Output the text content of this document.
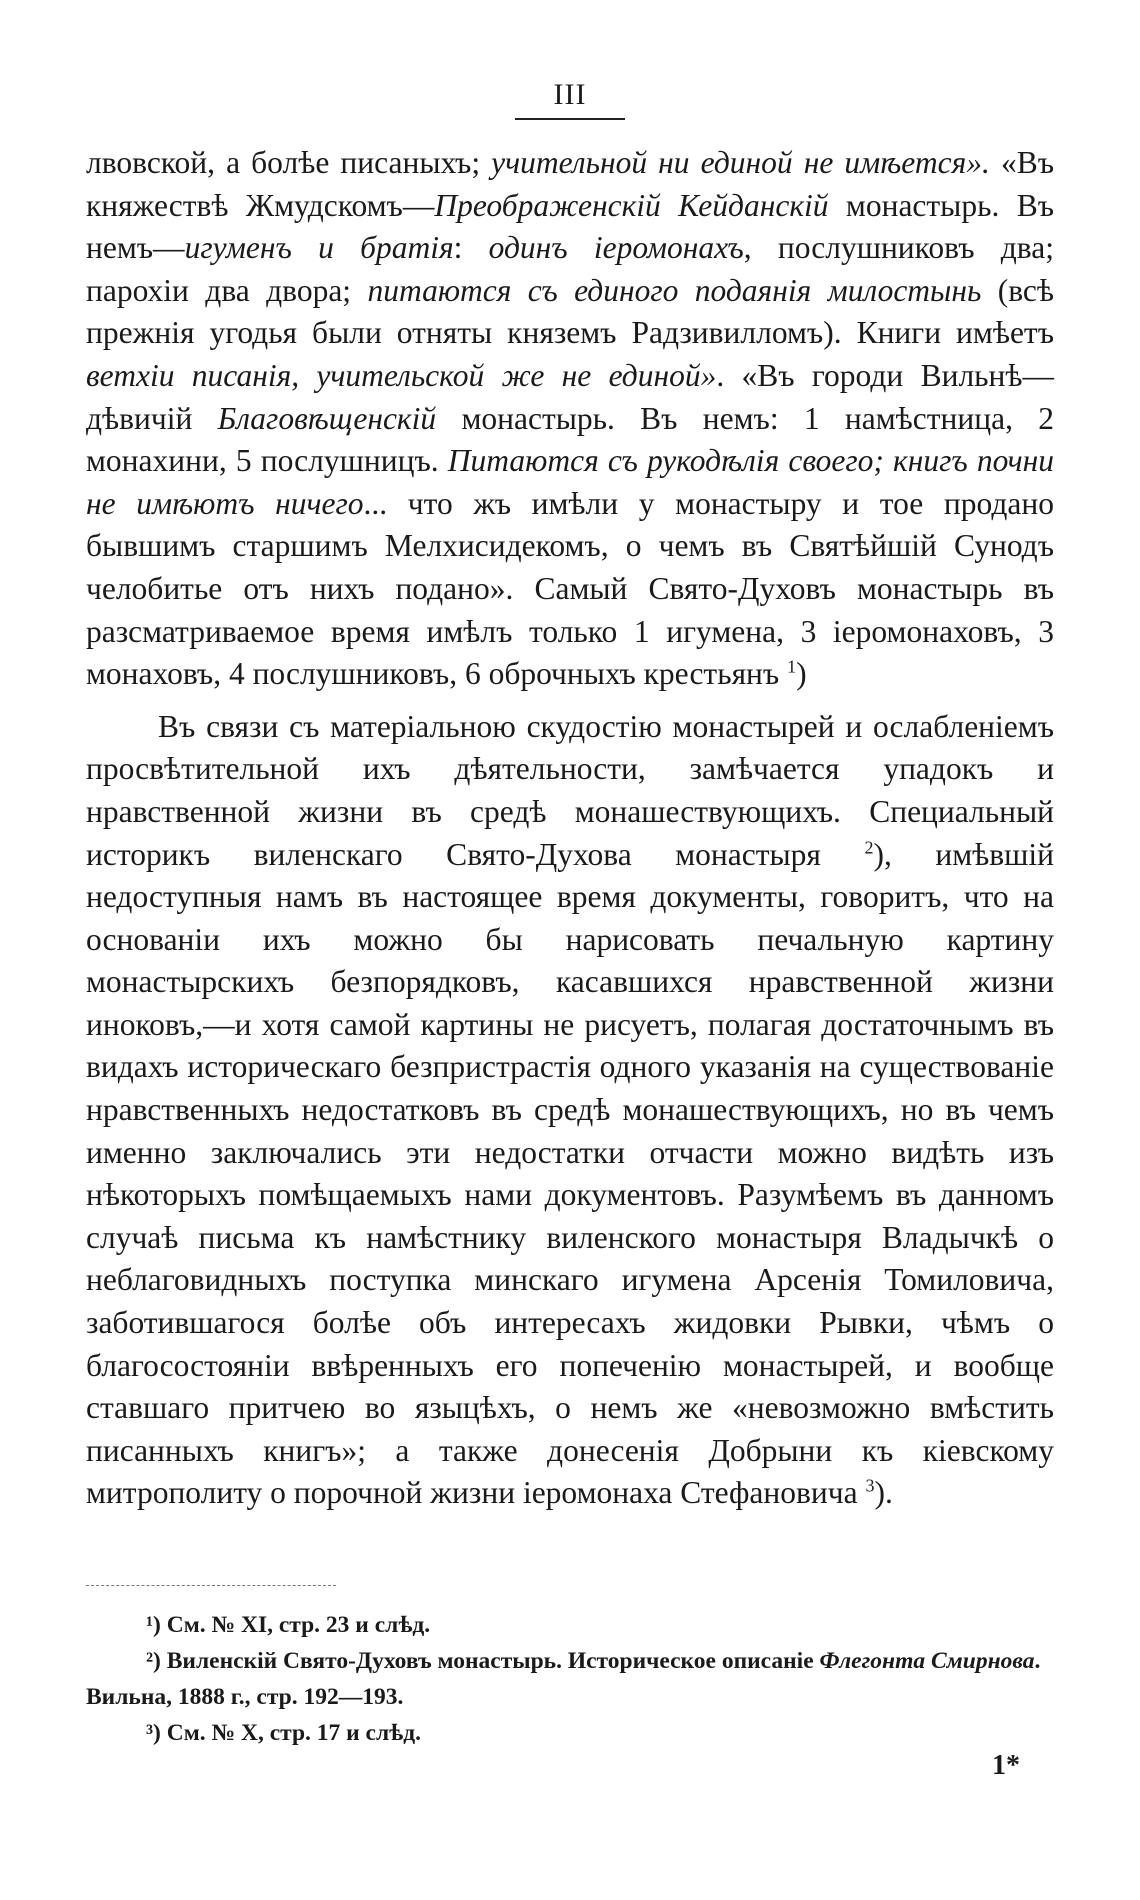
III

лвовской, а болѣе писаныхъ; учительной ни единой не имѣется». «Въ княжествѣ Жмудскомъ—Преображенскій Кейданскій монастырь. Въ немъ—игуменъ и братія: одинъ іеромонахъ, послушниковъ два; парохіи два двора; питаются съ единого подаянія милостынь (всѣ прежнія угодья были отняты княземъ Радзивилломъ). Книги имѣетъ ветхіи писанія, учительской же не единой». «Въ городи Вильнѣ—дѣвичій Благовѣщенскій монастырь. Въ немъ: 1 намѣстница, 2 монахини, 5 послушницъ. Питаются съ рукодѣлія своего; книгъ почни не имѣютъ ничего... что жъ имѣли у монастыру и тое продано бывшимъ старшимъ Мелхисидекомъ, о чемъ въ Святѣйшій Сунодъ челобитье отъ нихъ подано». Самый Свято-Духовъ монастырь въ разсматриваемое время имѣлъ только 1 игумена, 3 іеромонаховъ, 3 монаховъ, 4 послушниковъ, 6 оброчныхъ крестьянъ $^1$)

Въ связи съ матеріальною скудостію монастырей и ослабленіемъ просвѣтительной ихъ дѣятельности, замѣчается упадокъ и нравственной жизни въ средѣ монашествующихъ. Специальный историкъ виленскаго Свято-Духова монастыря $^2$), имѣвшій недоступныя намъ въ настоящее время документы, говоритъ, что на основаніи ихъ можно бы нарисовать печальную картину монастырскихъ безпорядковъ, касавшихся нравственной жизни иноковъ,—и хотя самой картины не рисуетъ, полагая достаточнымъ въ видахъ историческаго безпристрастія одного указанія на существованіе нравственныхъ недостатковъ въ средѣ монашествующихъ, но въ чемъ именно заключались эти недостатки отчасти можно видѣть изъ нѣкоторыхъ помѣщаемыхъ нами документовъ. Разумѣемъ въ данномъ случаѣ письма къ намѣстнику виленского монастыря Владычкѣ о неблаговидныхъ поступка минскаго игумена Арсенія Томиловича, заботившагося болѣе объ интересахъ жидовки Рывки, чѣмъ о благосостояніи ввѣренныхъ его попеченію монастырей, и вообще ставшаго притчею во языцѣхъ, о немъ же «невозможно вмѣстить писанныхъ книгъ»; а также донесенія Добрыни къ кіевскому митрополиту о порочной жизни іеромонаха Стефановича $^3$).

¹) См. № XI, стр. 23 и слѣд.

²) Виленскій Свято-Духовъ монастырь. Историческое описаніе Флегонта Смирнова. Вильна, 1888 г., стр. 192—193.

³) См. № X, стр. 17 и слѣд.

1*
